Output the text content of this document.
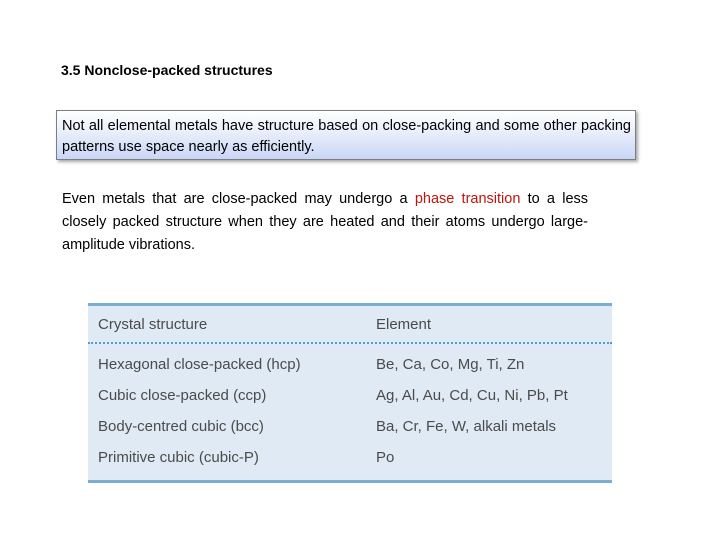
3.5 Nonclose-packed structures
Not all elemental metals have structure based on close-packing and some other packing patterns use space nearly as efficiently.
Even metals that are close-packed may undergo a phase transition to a less closely packed structure when they are heated and their atoms undergo large-amplitude vibrations.
Crystal structure	Element
Hexagonal close-packed (hcp)	Be, Ca, Co, Mg, Ti, Zn
Cubic close-packed (ccp)	Ag, Al, Au, Cd, Cu, Ni, Pb, Pt
Body-centred cubic (bcc)	Ba, Cr, Fe, W, alkali metals
Primitive cubic (cubic-P)	Po
